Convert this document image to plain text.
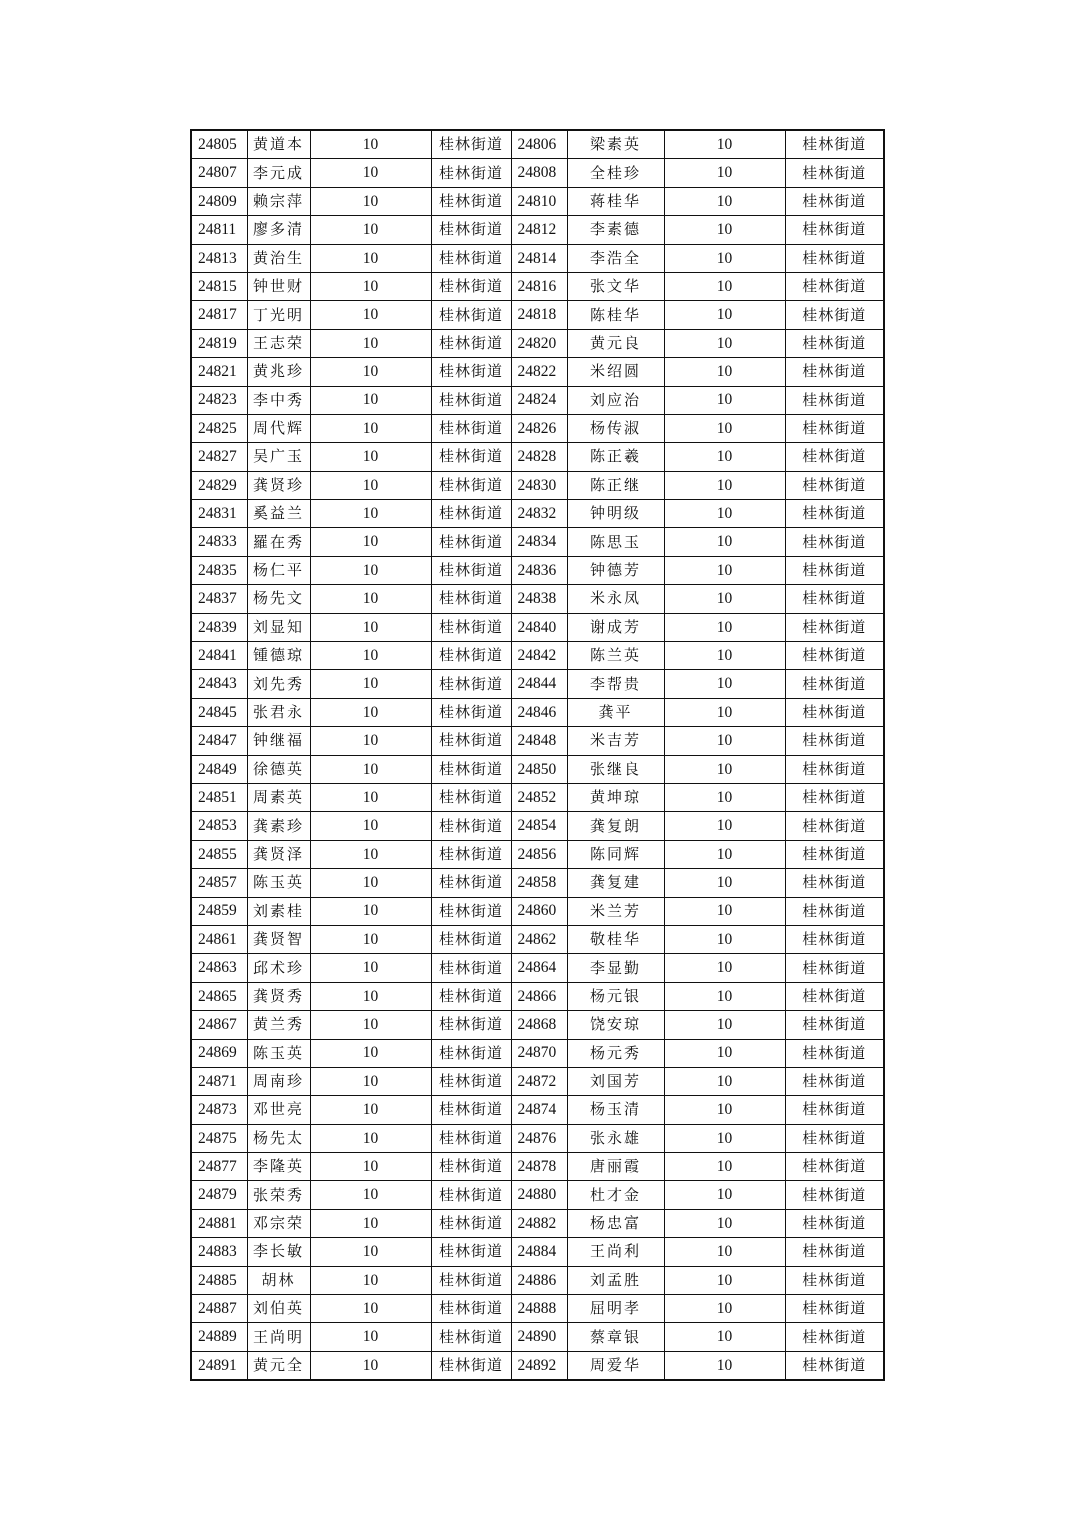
24805	黄道本	10	桂林街道	24806	梁素英	10	桂林街道
24807	李元成	10	桂林街道	24808	全桂珍	10	桂林街道
24809	赖宗萍	10	桂林街道	24810	蒋桂华	10	桂林街道
24811	廖多清	10	桂林街道	24812	李素德	10	桂林街道
24813	黄治生	10	桂林街道	24814	李浩全	10	桂林街道
24815	钟世财	10	桂林街道	24816	张文华	10	桂林街道
24817	丁光明	10	桂林街道	24818	陈桂华	10	桂林街道
24819	王志荣	10	桂林街道	24820	黄元良	10	桂林街道
24821	黄兆珍	10	桂林街道	24822	米绍圆	10	桂林街道
24823	李中秀	10	桂林街道	24824	刘应治	10	桂林街道
24825	周代辉	10	桂林街道	24826	杨传淑	10	桂林街道
24827	吴广玉	10	桂林街道	24828	陈正羲	10	桂林街道
24829	龚贤珍	10	桂林街道	24830	陈正继	10	桂林街道
24831	奚益兰	10	桂林街道	24832	钟明级	10	桂林街道
24833	羅在秀	10	桂林街道	24834	陈思玉	10	桂林街道
24835	杨仁平	10	桂林街道	24836	钟德芳	10	桂林街道
24837	杨先文	10	桂林街道	24838	米永凤	10	桂林街道
24839	刘显知	10	桂林街道	24840	谢成芳	10	桂林街道
24841	锺德琼	10	桂林街道	24842	陈兰英	10	桂林街道
24843	刘先秀	10	桂林街道	24844	李帮贵	10	桂林街道
24845	张君永	10	桂林街道	24846	龚平	10	桂林街道
24847	钟继福	10	桂林街道	24848	米吉芳	10	桂林街道
24849	徐德英	10	桂林街道	24850	张继良	10	桂林街道
24851	周素英	10	桂林街道	24852	黄坤琼	10	桂林街道
24853	龚素珍	10	桂林街道	24854	龚复朗	10	桂林街道
24855	龚贤泽	10	桂林街道	24856	陈同辉	10	桂林街道
24857	陈玉英	10	桂林街道	24858	龚复建	10	桂林街道
24859	刘素桂	10	桂林街道	24860	米兰芳	10	桂林街道
24861	龚贤智	10	桂林街道	24862	敬桂华	10	桂林街道
24863	邱术珍	10	桂林街道	24864	李显勤	10	桂林街道
24865	龚贤秀	10	桂林街道	24866	杨元银	10	桂林街道
24867	黄兰秀	10	桂林街道	24868	饶安琼	10	桂林街道
24869	陈玉英	10	桂林街道	24870	杨元秀	10	桂林街道
24871	周南珍	10	桂林街道	24872	刘国芳	10	桂林街道
24873	邓世亮	10	桂林街道	24874	杨玉清	10	桂林街道
24875	杨先太	10	桂林街道	24876	张永雄	10	桂林街道
24877	李隆英	10	桂林街道	24878	唐丽霞	10	桂林街道
24879	张荣秀	10	桂林街道	24880	杜才金	10	桂林街道
24881	邓宗荣	10	桂林街道	24882	杨忠富	10	桂林街道
24883	李长敏	10	桂林街道	24884	王尚利	10	桂林街道
24885	胡林	10	桂林街道	24886	刘孟胜	10	桂林街道
24887	刘伯英	10	桂林街道	24888	屈明孝	10	桂林街道
24889	王尚明	10	桂林街道	24890	蔡章银	10	桂林街道
24891	黄元全	10	桂林街道	24892	周爱华	10	桂林街道
